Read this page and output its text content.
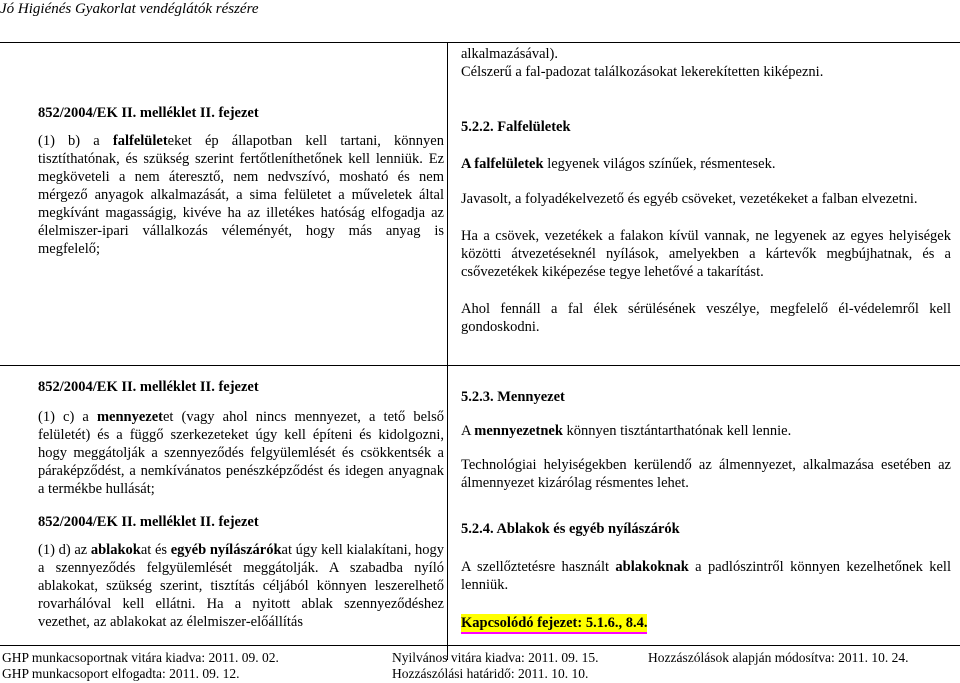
Jó Higiénés Gyakorlat vendéglátók részére

alkalmazásával).

Célszerű a fal-padozat találkozásokat lekerekítetten kiképezni.

852/2004/EK II. melléklet II. fejezet

(1) b) a falfelületeket ép állapotban kell tartani, könnyen tisztíthatónak, és szükség szerint fertőtleníthetőnek kell lenniük. Ez megköveteli a nem áteresztő, nem nedvszívó, mosható és nem mérgező anyagok alkalmazását, a sima felületet a műveletek által megkívánt magasságig, kivéve ha az illetékes hatóság elfogadja az élelmiszer-ipari vállalkozás véleményét, hogy más anyag is megfelelő;

5.2.2. Falfelületek

A falfelületek legyenek világos színűek, résmentesek.

Javasolt, a folyadékelvezető és egyéb csöveket, vezetékeket a falban elvezetni.

Ha a csövek, vezetékek a falakon kívül vannak, ne legyenek az egyes helyiségek közötti átvezetéseknél nyílások, amelyekben a kártevők megbújhatnak, és a csővezetékek kiképezése tegye lehetővé a takarítást.

Ahol fennáll a fal élek sérülésének veszélye, megfelelő él-védelemről kell gondoskodni.

852/2004/EK II. melléklet II. fejezet

(1) c) a mennyezetet (vagy ahol nincs mennyezet, a tető belső felületét) és a függő szerkezeteket úgy kell építeni és kidolgozni, hogy meggátolják a szennyeződés felgyülemlését és csökkentsék a páraképződést, a nemkívánatos penészképződést és idegen anyagnak a termékbe hullását;

852/2004/EK II. melléklet II. fejezet

(1) d) az ablakokat és egyéb nyílászárókat úgy kell kialakítani, hogy a szennyeződés felgyülemlését meggátolják. A szabadba nyíló ablakokat, szükség szerint, tisztítás céljából könnyen leszerelhető rovarhálóval kell ellátni. Ha a nyitott ablak szennyeződéshez vezethet, az ablakokat az élelmiszer-előállítás

5.2.3. Mennyezet

A mennyezetnek könnyen tisztántarthatónak kell lennie.

Technológiai helyiségekben kerülendő az álmennyezet, alkalmazása esetében az álmennyezet kizárólag résmentes lehet.

5.2.4. Ablakok és egyéb nyílászárók

A szellőztetésre használt ablakoknak a padlószintről könnyen kezelhetőnek kell lenniük.

Kapcsolódó fejezet: 5.1.6., 8.4.

GHP munkacsoportnak vitára kiadva: 2011. 09. 02.

GHP munkacsoport elfogadta: 2011. 09. 12.

Nyilvános vitára kiadva: 2011. 09. 15.

Hozzászólási határidő: 2011. 10. 10.

Hozzászólások alapján módosítva: 2011. 10. 24.
